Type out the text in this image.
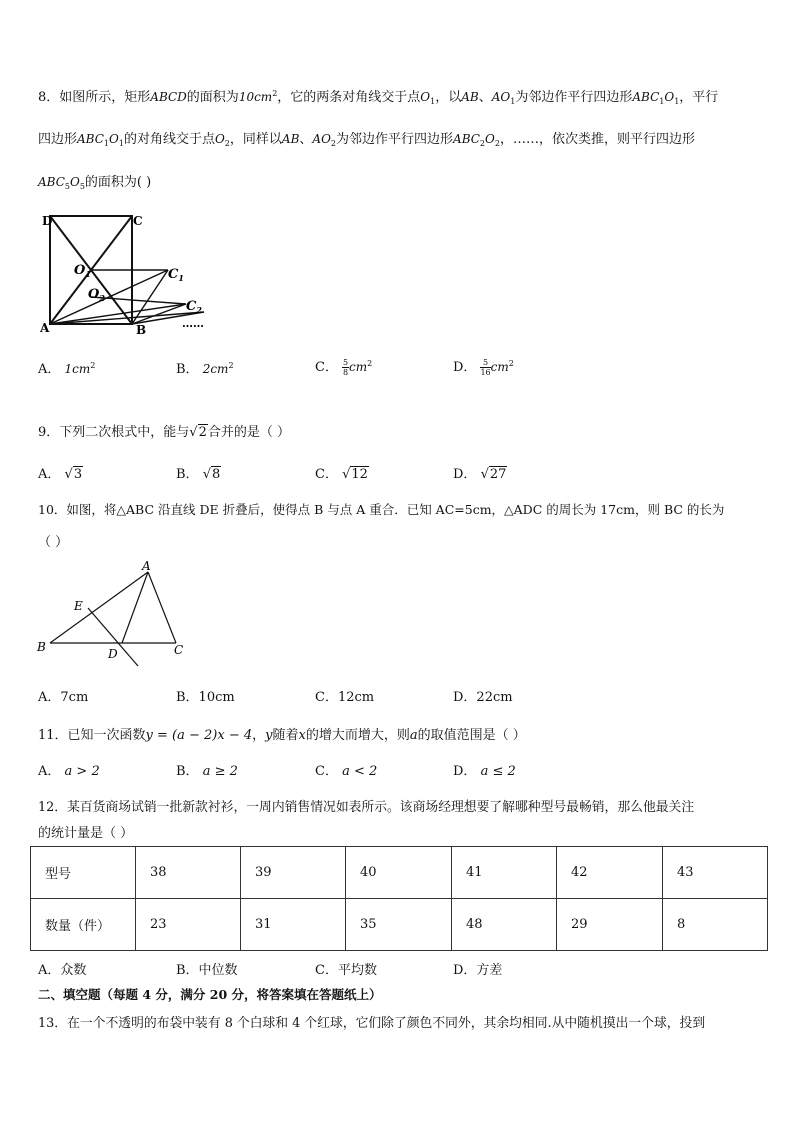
8．如图所示，矩形ABCD的面积为$10cm^2$，它的两条对角线交于点$O_1$，以AB、$AO_1$为邻边作平行四边形$ABC_1O_1$，平行
四边形$ABC_1O_1$的对角线交于点$O_2$，同样以AB、$AO_2$为邻边作平行四边形$ABC_2O_2$，……，依次类推，则平行四边形
$ABC_5O_5$的面积为( )
D	C
$O_1$
$O_2$
$C_1$
$C_2$
A	B	……
A． $1cm^2$	B． $2cm^2$	C． $\frac{5}{8} cm^2$	D． $\frac{5}{16} cm^2$
9．下列二次根式中，能与√2合并的是（ ）
A． √3	B． √8	C． √12	D． √27
10．如图，将△ABC 沿直线 DE 折叠后，使得点 B 与点 A 重合．已知 AC=5cm，△ADC 的周长为 17cm，则 BC 的长为
（ ）
A
E
B	D	C
A．7cm	B．10cm	C．12cm	D．22cm
11．已知一次函数y = (a − 2)x − 4，y随着x的增大而增大，则a的取值范围是（ ）
A． a > 2	B． a ≥ 2	C． a < 2	D． a ≤ 2
12．某百货商场试销一批新款衬衫，一周内销售情况如表所示。该商场经理想要了解哪种型号最畅销，那么他最关注
的统计量是（ ）
型号	38	39	40	41	42	43
数量（件）	23	31	35	48	29	8
A．众数	B．中位数	C．平均数	D．方差
二、填空题（每题 4 分，满分 20 分，将答案填在答题纸上）
13．在一个不透明的布袋中装有 8 个白球和 4 个红球，它们除了颜色不同外，其余均相同.从中随机摸出一个球，投到
